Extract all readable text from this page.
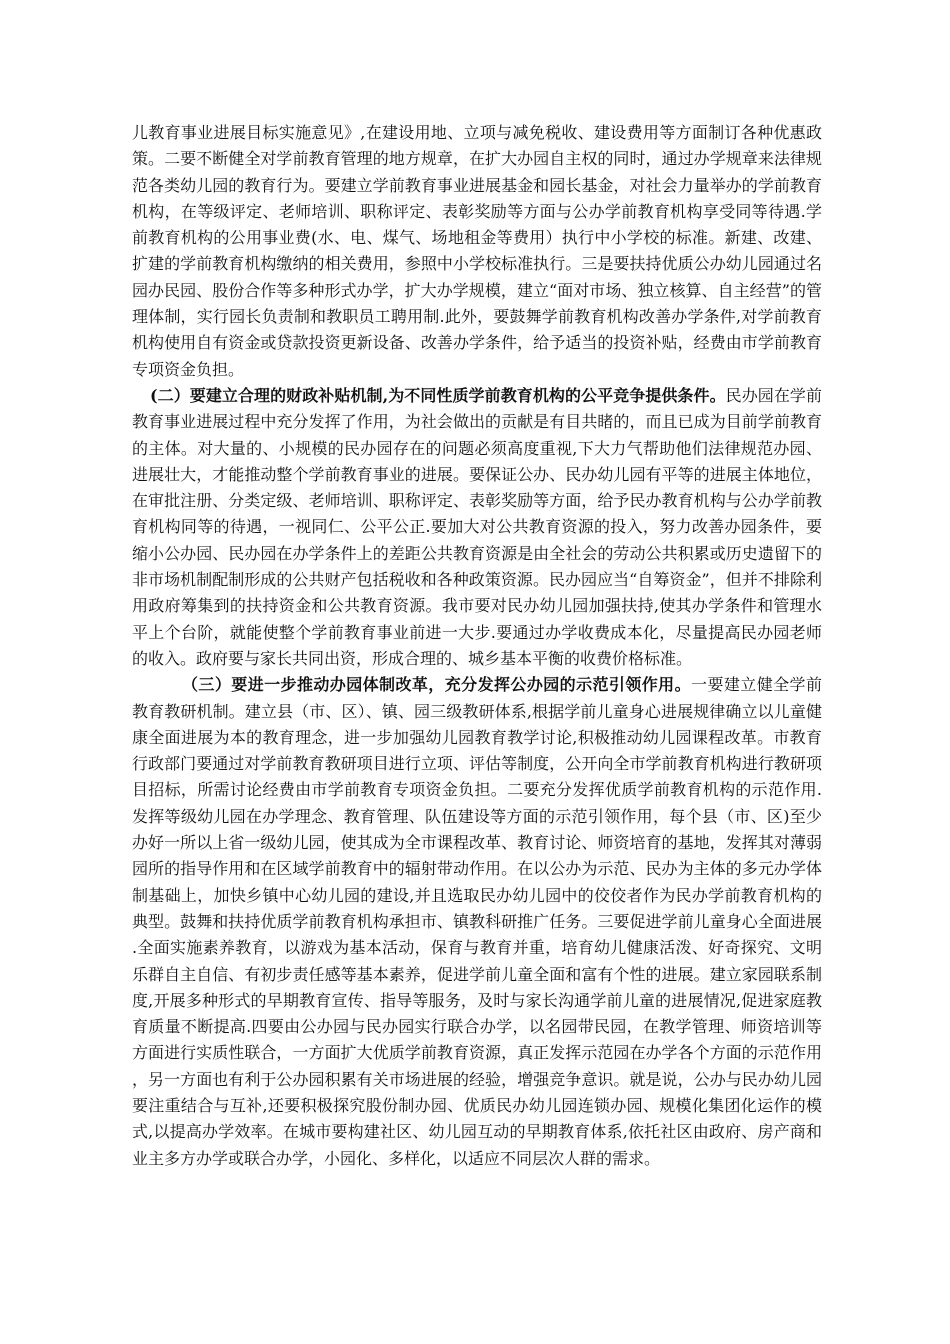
儿教育事业进展目标实施意见》,在建设用地、立项与减免税收、建设费用等方面制订各种优惠政策。二要不断健全对学前教育管理的地方规章，在扩大办园自主权的同时，通过办学规章来法律规范各类幼儿园的教育行为。要建立学前教育事业进展基金和园长基金，对社会力量举办的学前教育机构，在等级评定、老师培训、职称评定、表彰奖励等方面与公办学前教育机构享受同等待遇.学前教育机构的公用事业费(水、电、煤气、场地租金等费用）执行中小学校的标准。新建、改建、扩建的学前教育机构缴纳的相关费用，参照中小学校标准执行。三是要扶持优质公办幼儿园通过名园办民园、股份合作等多种形式办学，扩大办学规模，建立“面对市场、独立核算、自主经营”的管理体制，实行园长负责制和教职员工聘用制.此外，要鼓舞学前教育机构改善办学条件,对学前教育机构使用自有资金或贷款投资更新设备、改善办学条件，给予适当的投资补贴，经费由市学前教育专项资金负担。

(二）要建立合理的财政补贴机制,为不同性质学前教育机构的公平竞争提供条件。民办园在学前教育事业进展过程中充分发挥了作用，为社会做出的贡献是有目共睹的，而且已成为目前学前教育的主体。对大量的、小规模的民办园存在的问题必须高度重视,下大力气帮助他们法律规范办园、进展壮大，才能推动整个学前教育事业的进展。要保证公办、民办幼儿园有平等的进展主体地位，在审批注册、分类定级、老师培训、职称评定、表彰奖励等方面，给予民办教育机构与公办学前教育机构同等的待遇，一视同仁、公平公正.要加大对公共教育资源的投入，努力改善办园条件，要缩小公办园、民办园在办学条件上的差距公共教育资源是由全社会的劳动公共积累或历史遗留下的非市场机制配制形成的公共财产包括税收和各种政策资源。民办园应当“自筹资金”，但并不排除利用政府筹集到的扶持资金和公共教育资源。我市要对民办幼儿园加强扶持,使其办学条件和管理水平上个台阶，就能使整个学前教育事业前进一大步.要通过办学收费成本化，尽量提高民办园老师的收入。政府要与家长共同出资，形成合理的、城乡基本平衡的收费价格标准。

（三）要进一步推动办园体制改革，充分发挥公办园的示范引领作用。一要建立健全学前教育教研机制。建立县（市、区）、镇、园三级教研体系,根据学前儿童身心进展规律确立以儿童健康全面进展为本的教育理念，进一步加强幼儿园教育教学讨论,积极推动幼儿园课程改革。市教育行政部门要通过对学前教育教研项目进行立项、评估等制度，公开向全市学前教育机构进行教研项目招标，所需讨论经费由市学前教育专项资金负担。二要充分发挥优质学前教育机构的示范作用.发挥等级幼儿园在办学理念、教育管理、队伍建设等方面的示范引领作用，每个县（市、区)至少办好一所以上省一级幼儿园，使其成为全市课程改革、教育讨论、师资培育的基地，发挥其对薄弱园所的指导作用和在区域学前教育中的辐射带动作用。在以公办为示范、民办为主体的多元办学体制基础上，加快乡镇中心幼儿园的建设,并且选取民办幼儿园中的佼佼者作为民办学前教育机构的典型。鼓舞和扶持优质学前教育机构承担市、镇教科研推广任务。三要促进学前儿童身心全面进展.全面实施素养教育，以游戏为基本活动，保育与教育并重，培育幼儿健康活泼、好奇探究、文明乐群自主自信、有初步责任感等基本素养，促进学前儿童全面和富有个性的进展。建立家园联系制度,开展多种形式的早期教育宣传、指导等服务，及时与家长沟通学前儿童的进展情况,促进家庭教育质量不断提高.四要由公办园与民办园实行联合办学，以名园带民园，在教学管理、师资培训等方面进行实质性联合，一方面扩大优质学前教育资源，真正发挥示范园在办学各个方面的示范作用，另一方面也有利于公办园积累有关市场进展的经验，增强竞争意识。就是说，公办与民办幼儿园要注重结合与互补,还要积极探究股份制办园、优质民办幼儿园连锁办园、规模化集团化运作的模式,以提高办学效率。在城市要构建社区、幼儿园互动的早期教育体系,依托社区由政府、房产商和业主多方办学或联合办学，小园化、多样化，以适应不同层次人群的需求。
